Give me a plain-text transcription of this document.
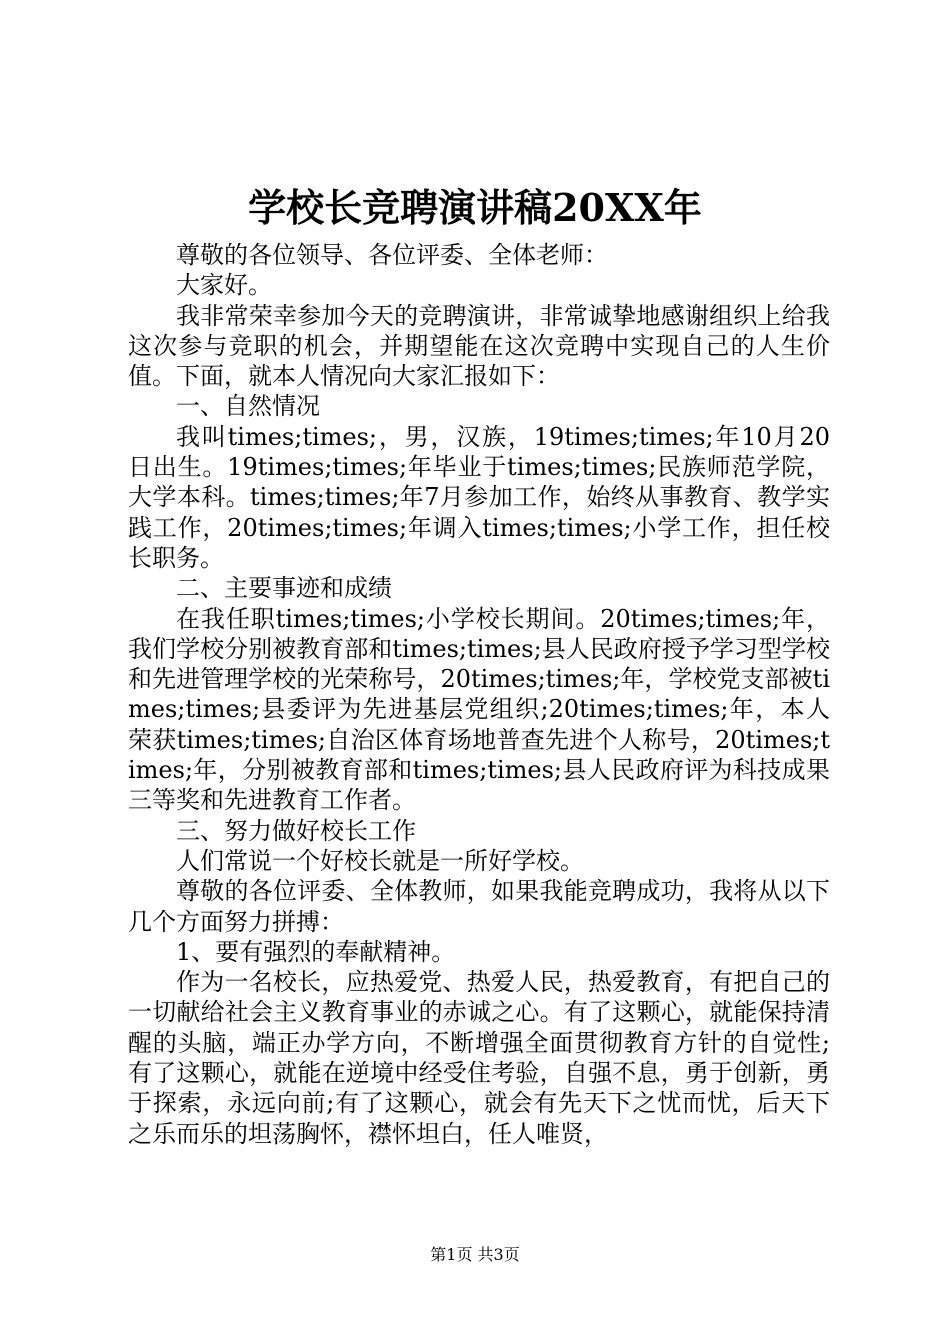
学校长竞聘演讲稿20XX年

尊敬的各位领导、各位评委、全体老师：

大家好。

我非常荣幸参加今天的竞聘演讲，非常诚挚地感谢组织上给我这次参与竞职的机会，并期望能在这次竞聘中实现自己的人生价值。下面，就本人情况向大家汇报如下：

一、自然情况

我叫times;times;，男，汉族，19times;times;年10月20日出生。19times;times;年毕业于times;times;民族师范学院，大学本科。times;times;年7月参加工作，始终从事教育、教学实践工作，20times;times;年调入times;times;小学工作，担任校长职务。

二、主要事迹和成绩

在我任职times;times;小学校长期间。20times;times;年，我们学校分别被教育部和times;times;县人民政府授予学习型学校和先进管理学校的光荣称号，20times;times;年，学校党支部被times;times;县委评为先进基层党组织;20times;times;年，本人荣获times;times;自治区体育场地普查先进个人称号，20times;times;年，分别被教育部和times;times;县人民政府评为科技成果三等奖和先进教育工作者。

三、努力做好校长工作

人们常说一个好校长就是一所好学校。

尊敬的各位评委、全体教师，如果我能竞聘成功，我将从以下几个方面努力拼搏：

1、要有强烈的奉献精神。

作为一名校长，应热爱党、热爱人民，热爱教育，有把自己的一切献给社会主义教育事业的赤诚之心。有了这颗心，就能保持清醒的头脑，端正办学方向，不断增强全面贯彻教育方针的自觉性;有了这颗心，就能在逆境中经受住考验，自强不息，勇于创新，勇于探索，永远向前;有了这颗心，就会有先天下之忧而忧，后天下之乐而乐的坦荡胸怀，襟怀坦白，任人唯贤，

第1页 共3页
